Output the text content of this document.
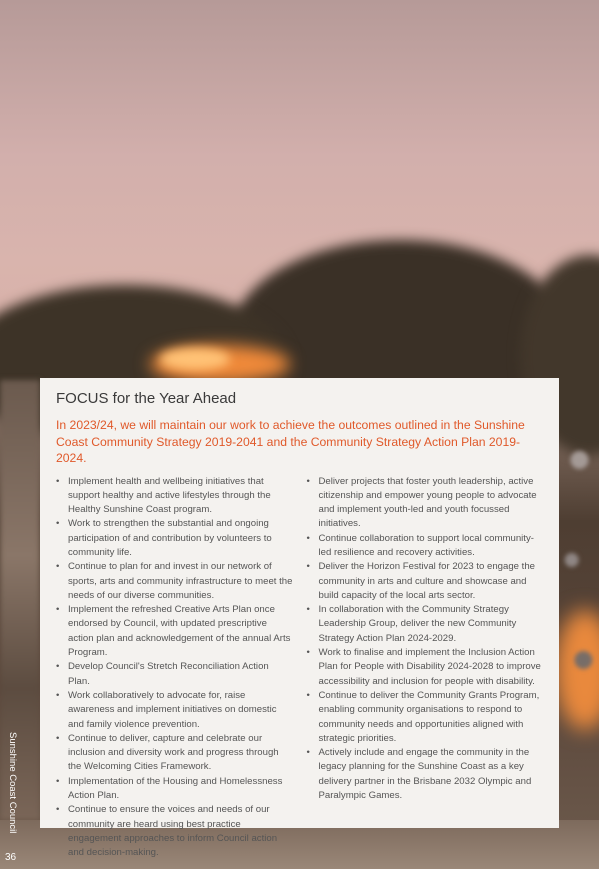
FOCUS for the Year Ahead
In 2023/24, we will maintain our work to achieve the outcomes outlined in the Sunshine Coast Community Strategy 2019-2041 and the Community Strategy Action Plan 2019-2024.
• Implement health and wellbeing initiatives that support healthy and active lifestyles through the Healthy Sunshine Coast program.
• Work to strengthen the substantial and ongoing participation of and contribution by volunteers to community life.
• Continue to plan for and invest in our network of sports, arts and community infrastructure to meet the needs of our diverse communities.
• Implement the refreshed Creative Arts Plan once endorsed by Council, with updated prescriptive action plan and acknowledgement of the annual Arts Program.
• Develop Council's Stretch Reconciliation Action Plan.
• Work collaboratively to advocate for, raise awareness and implement initiatives on domestic and family violence prevention.
• Continue to deliver, capture and celebrate our inclusion and diversity work and progress through the Welcoming Cities Framework.
• Implementation of the Housing and Homelessness Action Plan.
• Continue to ensure the voices and needs of our community are heard using best practice engagement approaches to inform Council action and decision-making.
• Deliver projects that foster youth leadership, active citizenship and empower young people to advocate and implement youth-led and youth focussed initiatives.
• Continue collaboration to support local community-led resilience and recovery activities.
• Deliver the Horizon Festival for 2023 to engage the community in arts and culture and showcase and build capacity of the local arts sector.
• In collaboration with the Community Strategy Leadership Group, deliver the new Community Strategy Action Plan 2024-2029.
• Work to finalise and implement the Inclusion Action Plan for People with Disability 2024-2028 to improve accessibility and inclusion for people with disability.
• Continue to deliver the Community Grants Program, enabling community organisations to respond to community needs and opportunities aligned with strategic priorities.
• Actively include and engage the community in the legacy planning for the Sunshine Coast as a key delivery partner in the Brisbane 2032 Olympic and Paralympic Games.
Sunshine Coast Council
36
